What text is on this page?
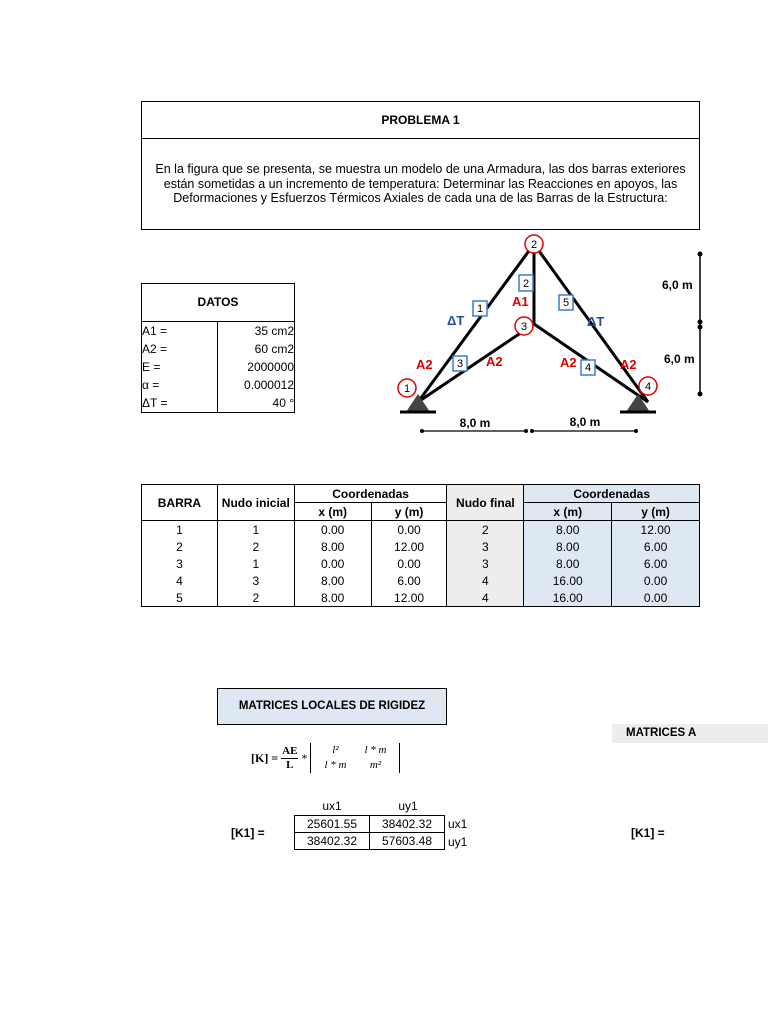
PROBLEMA 1
En la figura que se presenta, se muestra un modelo de una Armadura, las dos barras exteriores están sometidas a un incremento de temperatura: Determinar las Reacciones en apoyos, las Deformaciones y Esfuerzos Térmicos Axiales de cada una de las Barras de la Estructura:
DATOS
A1 =	35 cm2
A2 =	60 cm2
E =	2000000
α =	0.000012
ΔT =	40 °
1
2
3
4
1
2
3	4
5
A1
A2	A2	A2	A2
ΔT	ΔT
8,0 m	8,0 m
6,0 m
6,0 m
BARRA	Nudo inicial	Coordenadas		Nudo final	Coordenadas	
		x (m)	y (m)		x (m)	y (m)
1	1	0.00	0.00	2	8.00	12.00
2	2	8.00	12.00	3	8.00	6.00
3	1	0.00	0.00	3	8.00	6.00
4	3	8.00	6.00	4	16.00	0.00
5	2	8.00	12.00	4	16.00	0.00
MATRICES LOCALES DE RIGIDEZ
MATRICES A
$[K] = \frac{AE}{L}$ *
l²	l * m
l * m	m²
ux1	uy1
[K1] =
25601.55	38402.32
38402.32	57603.48
ux1
uy1
[K1] =
